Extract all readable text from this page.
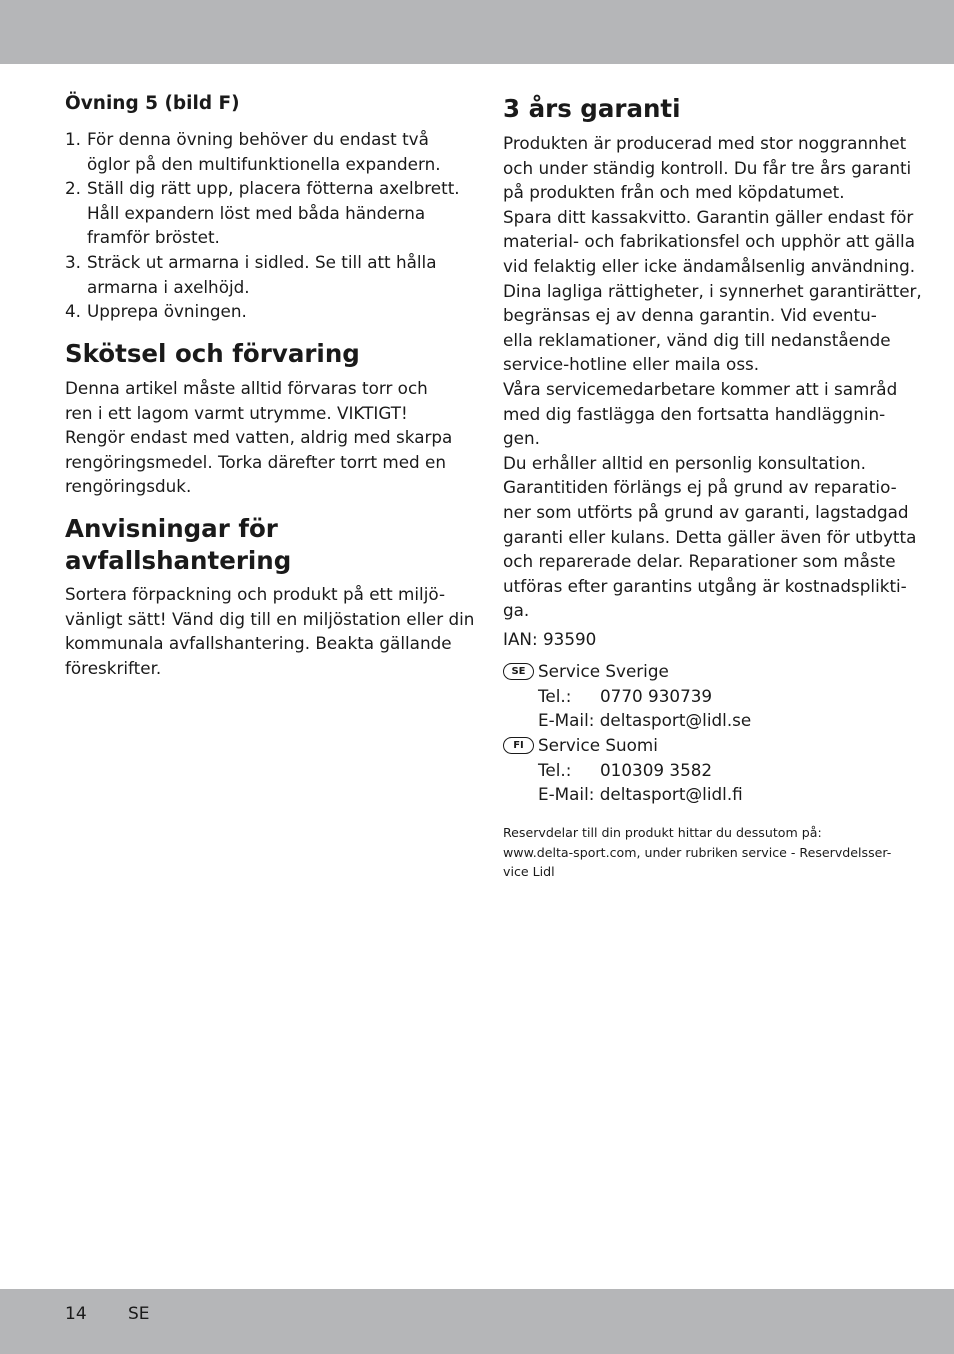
Övning 5 (bild F)
1. För denna övning behöver du endast två
öglor på den multifunktionella expandern.
2. Ställ dig rätt upp, placera fötterna axelbrett.
Håll expandern löst med båda händerna
framför bröstet.
3. Sträck ut armarna i sidled. Se till att hålla
armarna i axelhöjd.
4. Upprepa övningen.
Skötsel och förvaring
Denna artikel måste alltid förvaras torr och
ren i ett lagom varmt utrymme. VIKTIGT!
Rengör endast med vatten, aldrig med skarpa
rengöringsmedel. Torka därefter torrt med en
rengöringsduk.
Anvisningar för
avfallshantering
Sortera förpackning och produkt på ett miljö-
vänligt sätt! Vänd dig till en miljöstation eller din
kommunala avfallshantering. Beakta gällande
föreskrifter.
3 års garanti
Produkten är producerad med stor noggrannhet
och under ständig kontroll. Du får tre års garanti
på produkten från och med köpdatumet.
Spara ditt kassakvitto. Garantin gäller endast för
material- och fabrikationsfel och upphör att gälla
vid felaktig eller icke ändamålsenlig användning.
Dina lagliga rättigheter, i synnerhet garantirätter,
begränsas ej av denna garantin. Vid eventu-
ella reklamationer, vänd dig till nedanstående
service-hotline eller maila oss.
Våra servicemedarbetare kommer att i samråd
med dig fastlägga den fortsatta handläggnin-
gen.
Du erhåller alltid en personlig konsultation.
Garantitiden förlängs ej på grund av reparatio-
ner som utförts på grund av garanti, lagstadgad
garanti eller kulans. Detta gäller även för utbytta
och reparerade delar. Reparationer som måste
utföras efter garantins utgång är kostnadsplikti-
ga.
IAN: 93590
SE Service Sverige
Tel.: 0770 930739
E-Mail: deltasport@lidl.se
FI Service Suomi
Tel.: 010309 3582
E-Mail: deltasport@lidl.fi
Reservdelar till din produkt hittar du dessutom på:
www.delta-sport.com, under rubriken service - Reservdelsser-
vice Lidl
14 SE
